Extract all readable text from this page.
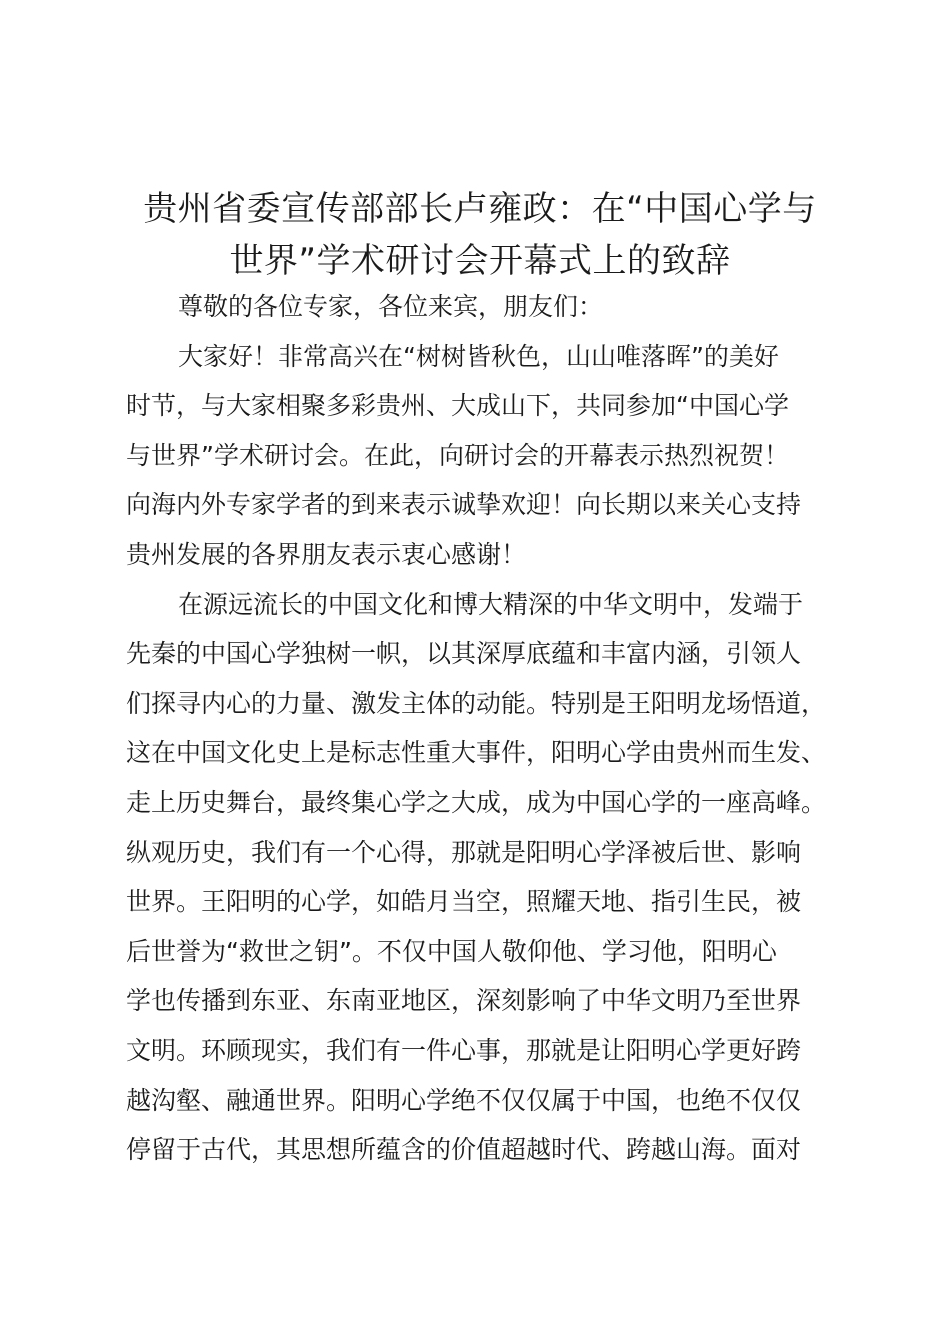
贵州省委宣传部部长卢雍政：在“中国心学与
世界”学术研讨会开幕式上的致辞
尊敬的各位专家，各位来宾，朋友们：
大家好！非常高兴在“树树皆秋色，山山唯落晖”的美好
时节，与大家相聚多彩贵州、大成山下，共同参加“中国心学
与世界”学术研讨会。在此，向研讨会的开幕表示热烈祝贺！
向海内外专家学者的到来表示诚挚欢迎！向长期以来关心支持
贵州发展的各界朋友表示衷心感谢！
在源远流长的中国文化和博大精深的中华文明中，发端于
先秦的中国心学独树一帜，以其深厚底蕴和丰富内涵，引领人
们探寻内心的力量、激发主体的动能。特别是王阳明龙场悟道，
这在中国文化史上是标志性重大事件，阳明心学由贵州而生发、
走上历史舞台，最终集心学之大成，成为中国心学的一座高峰。
纵观历史，我们有一个心得，那就是阳明心学泽被后世、影响
世界。王阳明的心学，如皓月当空，照耀天地、指引生民，被
后世誉为“救世之钥”。不仅中国人敬仰他、学习他，阳明心
学也传播到东亚、东南亚地区，深刻影响了中华文明乃至世界
文明。环顾现实，我们有一件心事，那就是让阳明心学更好跨
越沟壑、融通世界。阳明心学绝不仅仅属于中国，也绝不仅仅
停留于古代，其思想所蕴含的价值超越时代、跨越山海。面对
